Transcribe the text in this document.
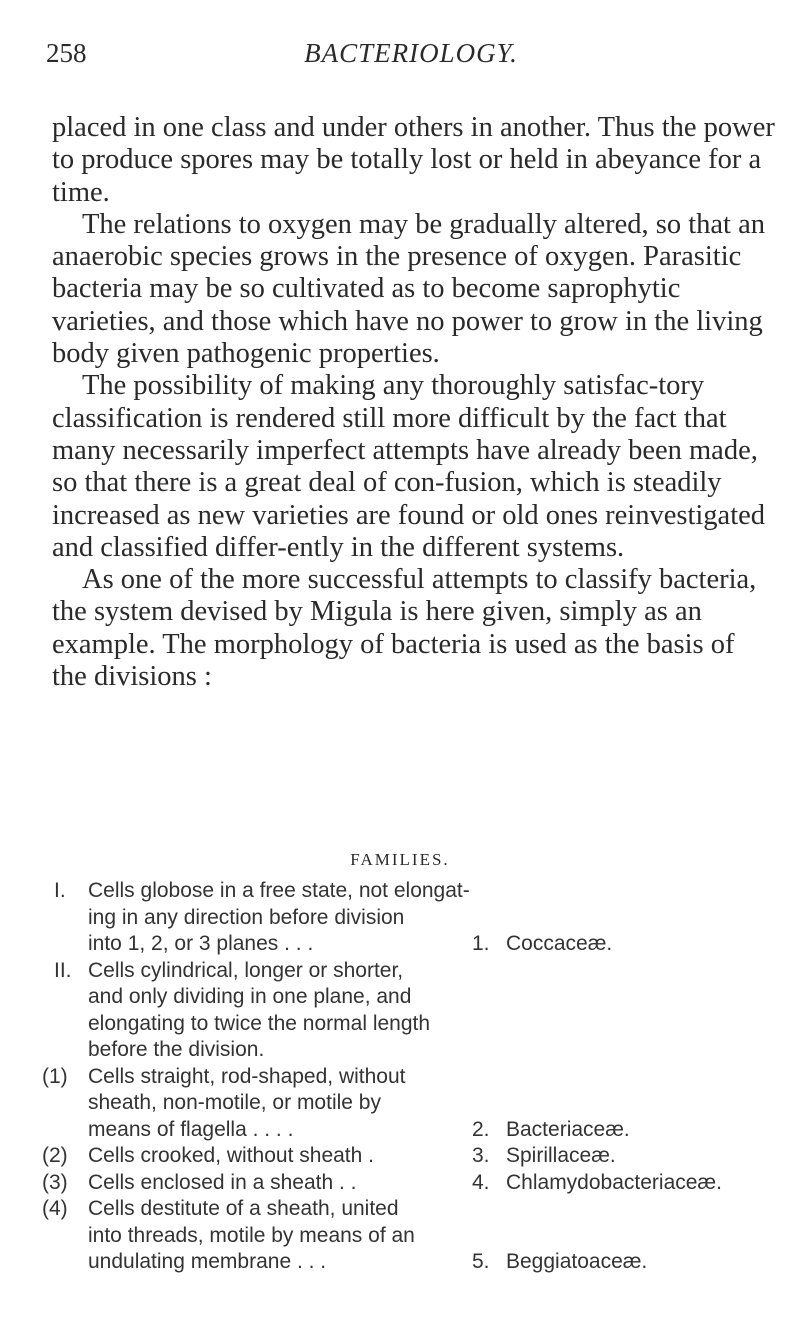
258	BACTERIOLOGY.

placed in one class and under others in another. Thus the power to produce spores may be totally lost or held in abeyance for a time.

The relations to oxygen may be gradually altered, so that an anaerobic species grows in the presence of oxygen. Parasitic bacteria may be so cultivated as to become saprophytic varieties, and those which have no power to grow in the living body given pathogenic properties.

The possibility of making any thoroughly satisfac-tory classification is rendered still more difficult by the fact that many necessarily imperfect attempts have already been made, so that there is a great deal of con-fusion, which is steadily increased as new varieties are found or old ones reinvestigated and classified differ-ently in the different systems.

As one of the more successful attempts to classify bacteria, the system devised by Migula is here given, simply as an example. The morphology of bacteria is used as the basis of the divisions :

FAMILIES.
I. Cells globose in a free state, not elongat-
ing in any direction before division
into 1, 2, or 3 planes . . .	1. Coccaceæ.
II. Cells cylindrical, longer or shorter,
and only dividing in one plane, and
elongating to twice the normal length
before the division.
(1) Cells straight, rod-shaped, without
sheath, non-motile, or motile by
means of flagella . . . .	2. Bacteriaceæ.
(2) Cells crooked, without sheath .	3. Spirillaceæ.
(3) Cells enclosed in a sheath . .	4. Chlamydobacteriaceæ.
(4) Cells destitute of a sheath, united
into threads, motile by means of an
undulating membrane . . .	5. Beggiatoaceæ.
